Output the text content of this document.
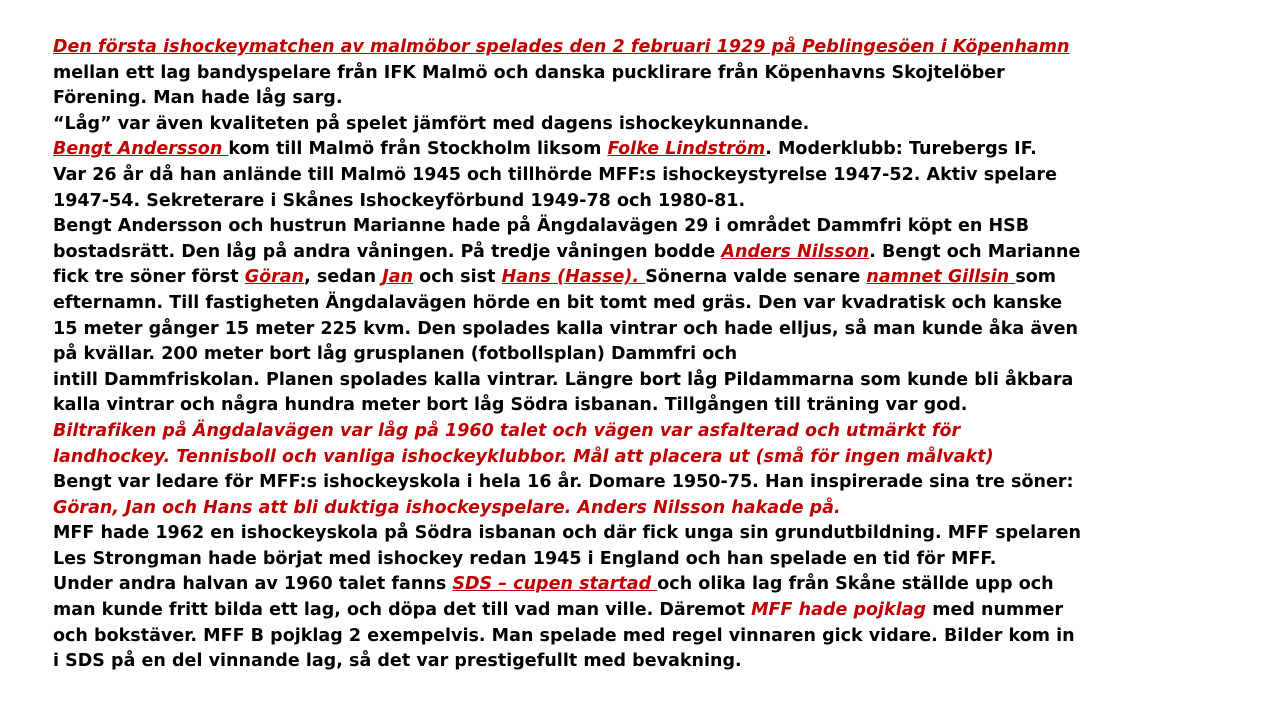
Den första ishockeymatchen av malmöbor spelades den 2 februari 1929 på Peblingesöen i Köpenhamn
mellan ett lag bandyspelare från IFK Malmö och danska pucklirare från Köpenhavns Skojtelöber
Förening. Man hade låg sarg.
“Låg” var även kvaliteten på spelet jämfört med dagens ishockeykunnande.
Bengt Andersson kom till Malmö från Stockholm liksom Folke Lindström. Moderklubb: Turebergs IF.
Var 26 år då han anlände till Malmö 1945 och tillhörde MFF:s ishockeystyrelse 1947-52. Aktiv spelare
1947-54. Sekreterare i Skånes Ishockeyförbund 1949-78 och 1980-81.
Bengt Andersson och hustrun Marianne hade på Ängdalavägen 29 i området Dammfri köpt en HSB
bostadsrätt. Den låg på andra våningen. På tredje våningen bodde Anders Nilsson. Bengt och Marianne
fick tre söner först Göran, sedan Jan och sist Hans (Hasse). Sönerna valde senare namnet Gillsin som
efternamn. Till fastigheten Ängdalavägen hörde en bit tomt med gräs. Den var kvadratisk och kanske
15 meter gånger 15 meter 225 kvm. Den spolades kalla vintrar och hade elljus, så man kunde åka även
på kvällar. 200 meter bort låg grusplanen (fotbollsplan) Dammfri och
intill Dammfriskolan. Planen spolades kalla vintrar. Längre bort låg Pildammarna som kunde bli åkbara
kalla vintrar och några hundra meter bort låg Södra isbanan. Tillgången till träning var god.
Biltrafiken på Ängdalavägen var låg på 1960 talet och vägen var asfalterad och utmärkt för
landhockey. Tennisboll och vanliga ishockeyklubbor. Mål att placera ut (små för ingen målvakt)
Bengt var ledare för MFF:s ishockeyskola i hela 16 år. Domare 1950-75. Han inspirerade sina tre söner:
Göran, Jan och Hans att bli duktiga ishockeyspelare. Anders Nilsson hakade på.
MFF hade 1962 en ishockeyskola på Södra isbanan och där fick unga sin grundutbildning. MFF spelaren
Les Strongman hade börjat med ishockey redan 1945 i England och han spelade en tid för MFF.
Under andra halvan av 1960 talet fanns SDS – cupen startad och olika lag från Skåne ställde upp och
man kunde fritt bilda ett lag, och döpa det till vad man ville. Däremot MFF hade pojklag med nummer
och bokstäver. MFF B pojklag 2 exempelvis. Man spelade med regel vinnaren gick vidare. Bilder kom in
i SDS på en del vinnande lag, så det var prestigefullt med bevakning.
